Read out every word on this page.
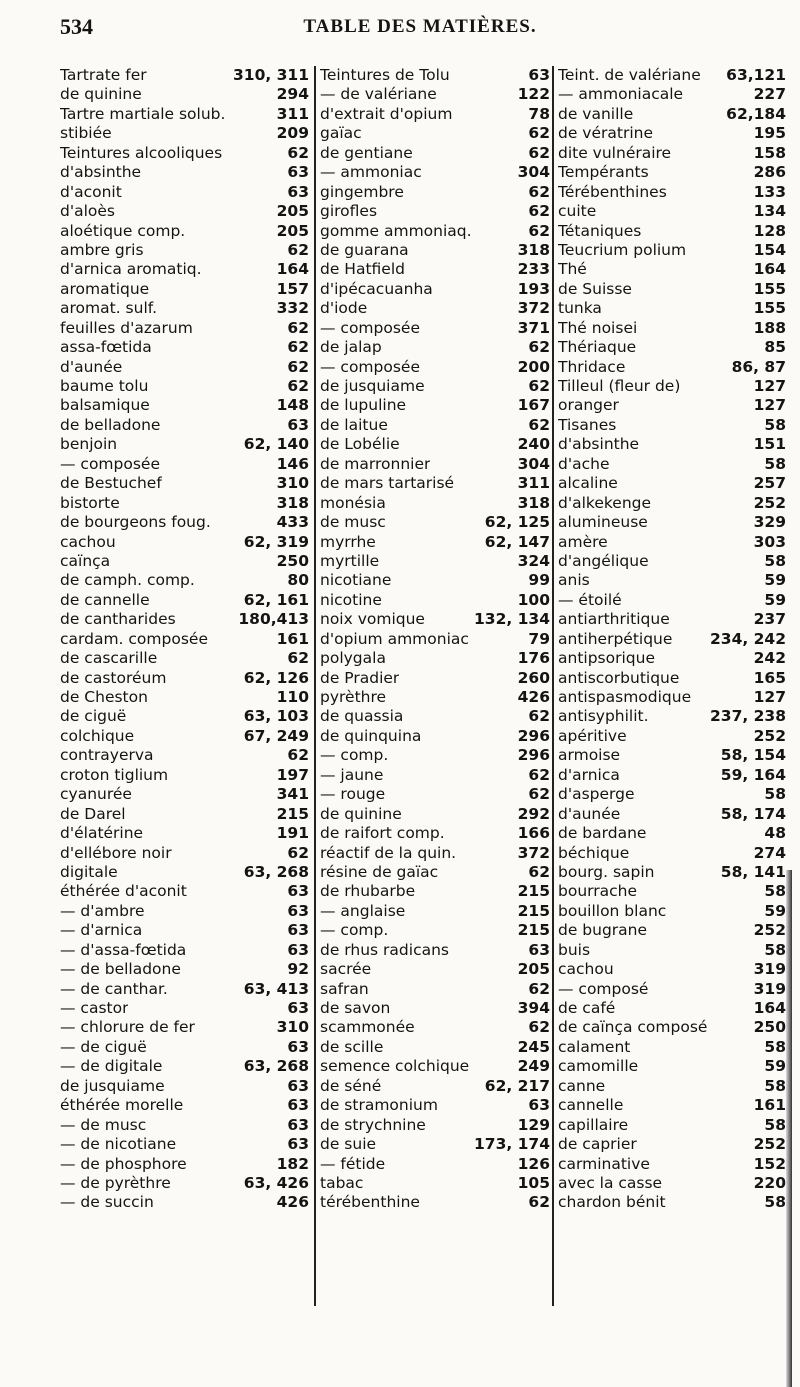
534	TABLE DES MATIÈRES.
Tartrate fer	310, 311
de quinine	294
Tartre martiale solub.	311
stibiée	209
Teintures alcooliques	62
d'absinthe	63
d'aconit	63
d'aloès	205
aloétique comp.	205
ambre gris	62
d'arnica aromatiq.	164
aromatique	157
aromat. sulf.	332
feuilles d'azarum	62
assa-fœtida	62
d'aunée	62
baume tolu	62
balsamique	148
de belladone	63
benjoin	62, 140
— composée	146
de Bestuchef	310
bistorte	318
de bourgeons foug.	433
cachou	62, 319
caïnça	250
de camph. comp.	80
de cannelle	62, 161
de cantharides	180,413
cardam. composée	161
de cascarille	62
de castoréum	62, 126
de Cheston	110
de ciguë	63, 103
colchique	67, 249
contrayerva	62
croton tiglium	197
cyanurée	341
de Darel	215
d'élatérine	191
d'ellébore noir	62
digitale	63, 268
éthérée d'aconit	63
— d'ambre	63
— d'arnica	63
— d'assa-fœtida	63
— de belladone	92
— de canthar.	63, 413
— castor	63
— chlorure de fer	310
— de ciguë	63
— de digitale	63, 268
de jusquiame	63
éthérée morelle	63
— de musc	63
— de nicotiane	63
— de phosphore	182
— de pyrèthre	63, 426
— de succin	426
Teintures de Tolu	63
— de valériane	122
d'extrait d'opium	78
gaïac	62
de gentiane	62
— ammoniac	304
gingembre	62
girofles	62
gomme ammoniaq.	62
de guarana	318
de Hatfield	233
d'ipécacuanha	193
d'iode	372
— composée	371
de jalap	62
— composée	200
de jusquiame	62
de lupuline	167
de laitue	62
de Lobélie	240
de marronnier	304
de mars tartarisé	311
monésia	318
de musc	62, 125
myrrhe	62, 147
myrtille	324
nicotiane	99
nicotine	100
noix vomique	132, 134
d'opium ammoniac	79
polygala	176
de Pradier	260
pyrèthre	426
de quassia	62
de quinquina	296
— comp.	296
— jaune	62
— rouge	62
de quinine	292
de raifort comp.	166
réactif de la quin.	372
résine de gaïac	62
de rhubarbe	215
— anglaise	215
— comp.	215
de rhus radicans	63
sacrée	205
safran	62
de savon	394
scammonée	62
de scille	245
semence colchique	249
de séné	62, 217
de stramonium	63
de strychnine	129
de suie	173, 174
— fétide	126
tabac	105
térébenthine	62
Teint. de valériane 63,121
— ammoniacale	227
de vanille	62,184
de vératrine	195
dite vulnéraire	158
Tempérants	286
Térébenthines	133
cuite	134
Tétaniques	128
Teucrium polium	154
Thé	164
de Suisse	155
tunka	155
Thé noisei	188
Thériaque	85
Thridace	86, 87
Tilleul (fleur de)	127
oranger	127
Tisanes	58
d'absinthe	151
d'ache	58
alcaline	257
d'alkekenge	252
alumineuse	329
amère	303
d'angélique	58
anis	59
— étoilé	59
antiarthritique	237
antiherpétique 234, 242
antipsorique	242
antiscorbutique	165
antispasmodique	127
antisyphilit.	237, 238
apéritive	252
armoise	58, 154
d'arnica	59, 164
d'asperge	58
d'aunée	58, 174
de bardane	48
béchique	274
bourg. sapin	58, 141
bourrache	58
bouillon blanc	59
de bugrane	252
buis	58
cachou	319
— composé	319
de café	164
de caïnça composé	250
calament	58
camomille	59
canne	58
cannelle	161
capillaire	58
de caprier	252
carminative	152
avec la casse	220
chardon bénit	58
